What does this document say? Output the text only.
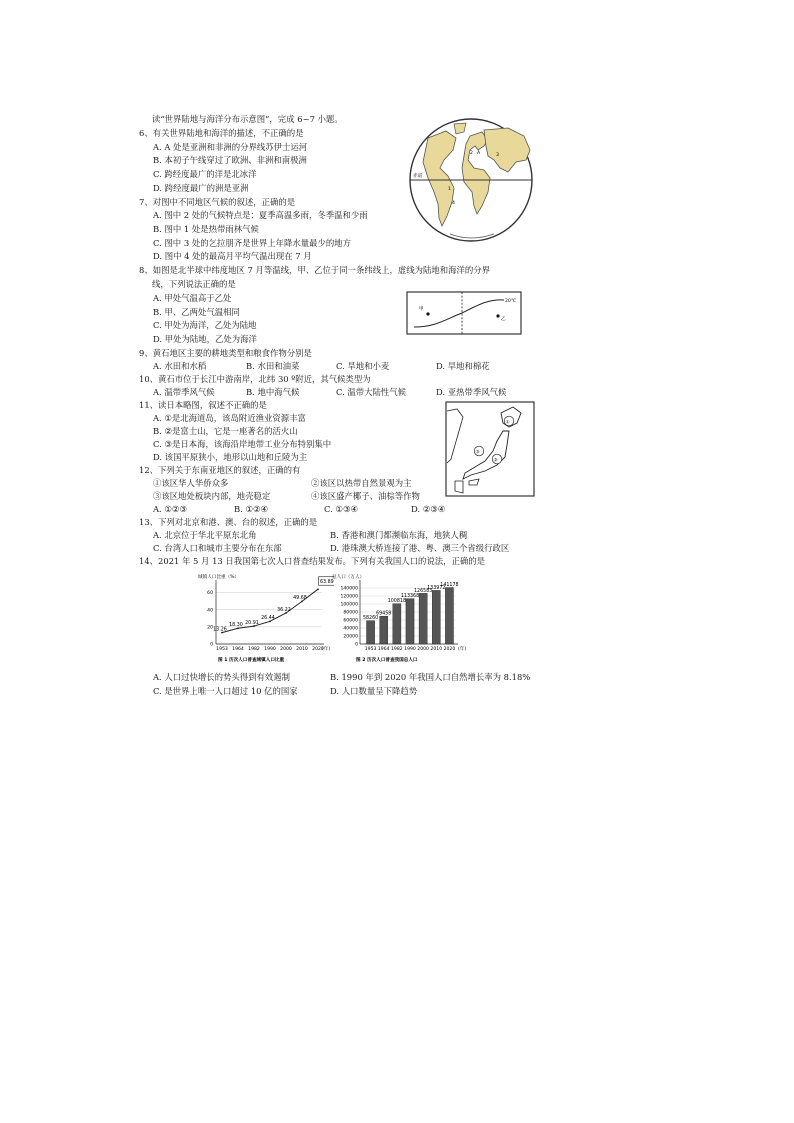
读“世界陆地与海洋分布示意图”，完成 6~7 小题。
6、有关世界陆地和海洋的描述，不正确的是
A. A 处是亚洲和非洲的分界线苏伊士运河
B. 本初子午线穿过了欧洲、非洲和南极洲
C. 跨经度最广的洋是北冰洋
D. 跨经度最广的洲是亚洲
7、对图中不同地区气候的叙述，正确的是
A. 图中 2 处的气候特点是：夏季高温多雨，冬季温和少雨
B. 图中 1 处是热带雨林气候
C. 图中 3 处的乞拉朋齐是世界上年降水量最少的地方
D. 图中 4 处的最高月平均气温出现在 7 月
赤道
A
1
2	3
4
8、如图是北半球中纬度地区 7 月等温线，甲、乙位于同一条纬线上，虚线为陆地和海洋的分界
线，下列说法正确的是
A. 甲处气温高于乙处
B. 甲、乙两处气温相同
C. 甲处为海洋，乙处为陆地
D. 甲处为陆地，乙处为海洋
20℃
甲
乙
9、黄石地区主要的耕地类型和粮食作物分别是
A. 水田和水稻	B. 水田和油菜	C. 旱地和小麦	D. 旱地和棉花
10、黄石市位于长江中游南岸，北纬 30 º附近，其气候类型为
A. 温带季风气候	B. 地中海气候	C. 温带大陆性气候	D. 亚热带季风气候
11、读日本略图，叙述不正确的是
A. ①是北海道岛，该岛附近渔业资源丰富
B. ②是富士山，它是一座著名的活火山
C. ③是日本海，该海沿岸地带工业分布特别集中
D. 该国平原狭小，地形以山地和丘陵为主
①
②
③
12、下列关于东南亚地区的叙述，正确的有
①该区华人华侨众多	②该区以热带自然景观为主
③该区地处板块内部，地壳稳定	④该区盛产椰子、油棕等作物
A. ①②③	B. ①②④	C. ①③④	D. ②③④
13、下列对北京和港、澳、台的叙述，正确的是
A. 北京位于华北平原东北角	B. 香港和澳门都濒临东海，地狭人稠
C. 台湾人口和城市主要分布在东部	D. 港珠澳大桥连接了港、粤、澳三个省级行政区
14、2021 年 5 月 13 日我国第七次人口普查结果发布。下列有关我国人口的说法，正确的是
城镇人口比重（%）
0
20
40
60
1953 1964 1982 1990 2000 2010 2020
13.26
18.30 20.91
26.44
36.22
49.68
63.89
(年)
图 1 历次人口普查城镇人口比重
总人口（万人）
0
20000
40000
60000
80000
100000
120000
140000
1953 1964 1982 1990 2000 2010 2020
58260
69458
100818
113368
126583
133972
141178
(年)
图 2 历次人口普查我国总人口
A. 人口过快增长的势头得到有效遏制	B. 1990 年到 2020 年我国人口自然增长率为 8.18%
C. 是世界上唯一人口超过 10 亿的国家	D. 人口数量呈下降趋势
